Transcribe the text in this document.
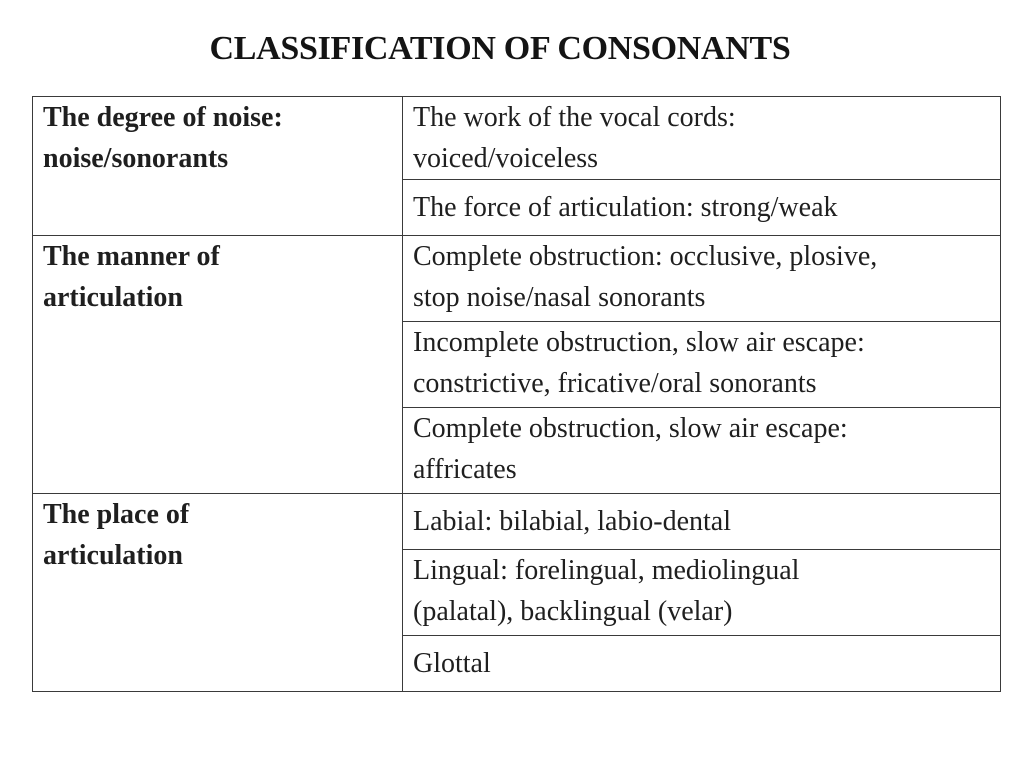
CLASSIFICATION OF CONSONANTS
The degree of noise:
noise/sonorants	The work of the vocal cords:
voiced/voiceless
	The force of articulation: strong/weak
The manner of
articulation	Complete obstruction: occlusive, plosive,
stop noise/nasal sonorants
	Incomplete obstruction, slow air escape:
constrictive, fricative/oral sonorants
	Complete obstruction, slow air escape:
affricates
The place of
articulation	Labial: bilabial, labio-dental
	Lingual: forelingual, mediolingual
(palatal), backlingual (velar)
	Glottal
